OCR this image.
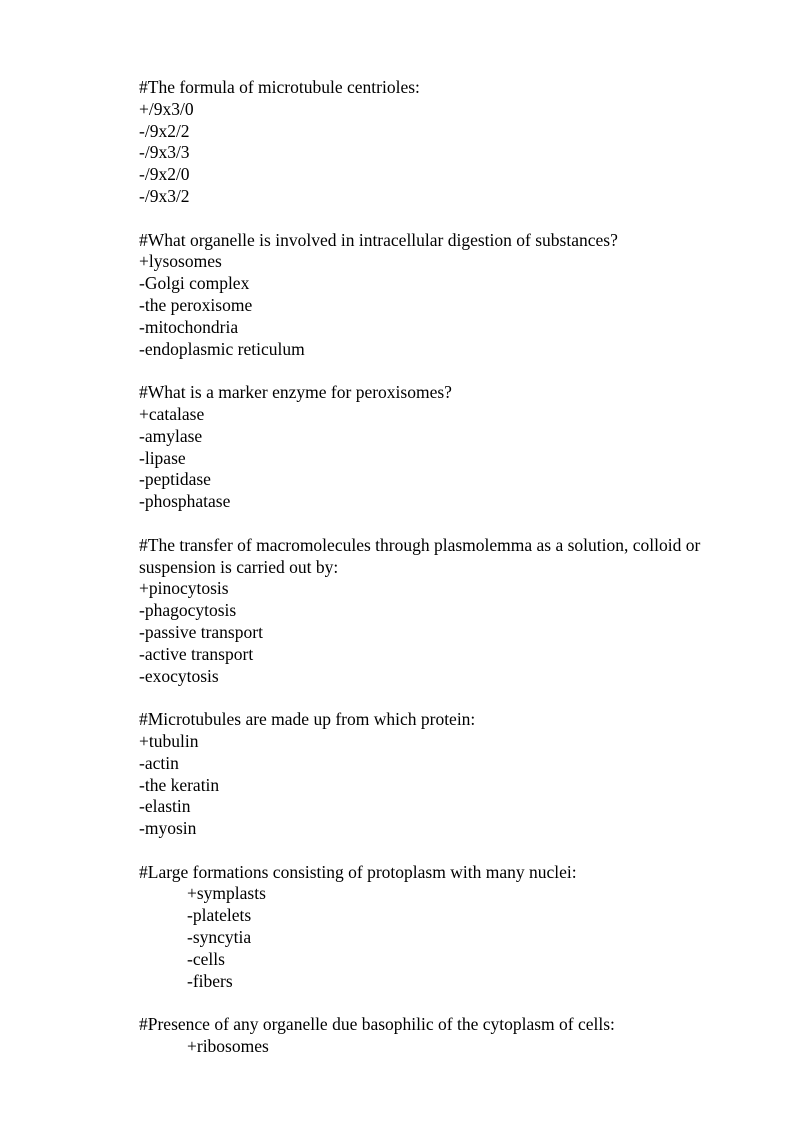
#The formula of microtubule centrioles:
+/9x3/0
-/9x2/2
-/9x3/3
-/9x2/0
-/9x3/2
#What organelle is involved in intracellular digestion of substances?
+lysosomes
-Golgi complex
-the peroxisome
-mitochondria
-endoplasmic reticulum
#What is a marker enzyme for peroxisomes?
+catalase
-amylase
-lipase
-peptidase
-phosphatase
#The transfer of macromolecules through plasmolemma as a solution, colloid or suspension is carried out by:
+pinocytosis
-phagocytosis
-passive transport
-active transport
-exocytosis
#Microtubules are made up from which protein:
+tubulin
-actin
-the keratin
-elastin
-myosin
#Large formations consisting of protoplasm with many nuclei:
+symplasts
-platelets
-syncytia
-cells
-fibers
#Presence of any organelle due basophilic of the cytoplasm of cells:
+ribosomes
